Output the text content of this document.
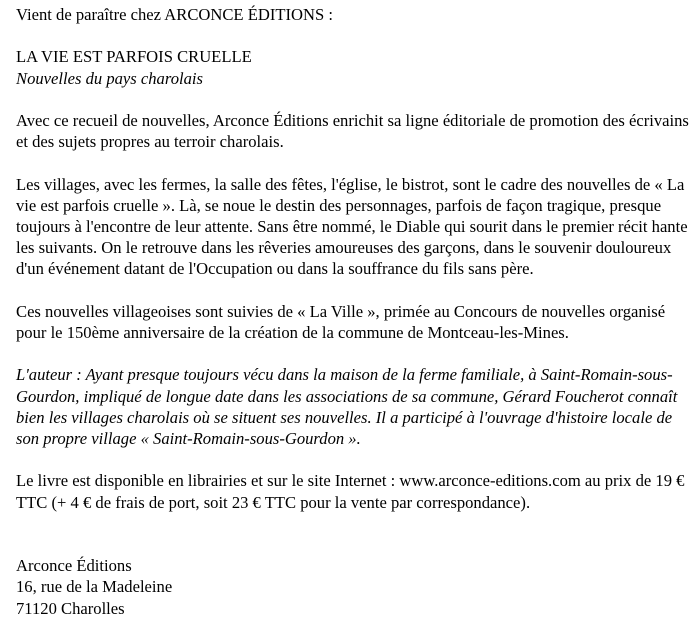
Vient de paraître chez ARCONCE ÉDITIONS :

LA VIE EST PARFOIS CRUELLE

Nouvelles du pays charolais

Avec ce recueil de nouvelles, Arconce Éditions enrichit sa ligne éditoriale de promotion des écrivains et des sujets propres au terroir charolais.

Les villages, avec les fermes, la salle des fêtes, l'église, le bistrot, sont le cadre des nouvelles de « La vie est parfois cruelle ». Là, se noue le destin des personnages, parfois de façon tragique, presque toujours à l'encontre de leur attente. Sans être nommé, le Diable qui sourit dans le premier récit hante les suivants. On le retrouve dans les rêveries amoureuses des garçons, dans le souvenir douloureux d'un événement datant de l'Occupation ou dans la souffrance du fils sans père.

Ces nouvelles villageoises sont suivies de « La Ville », primée au Concours de nouvelles organisé pour le 150ème anniversaire de la création de la commune de Montceau-les-Mines.

L'auteur : Ayant presque toujours vécu dans la maison de la ferme familiale, à Saint-Romain-sous-Gourdon, impliqué de longue date dans les associations de sa commune, Gérard Foucherot connaît bien les villages charolais où se situent ses nouvelles. Il a participé à l'ouvrage d'histoire locale de son propre village « Saint-Romain-sous-Gourdon ».

Le livre est disponible en librairies et sur le site Internet : www.arconce-editions.com au prix de 19 € TTC (+ 4 € de frais de port, soit 23 € TTC pour la vente par correspondance).

Arconce Éditions

16, rue de la Madeleine

71120 Charolles
